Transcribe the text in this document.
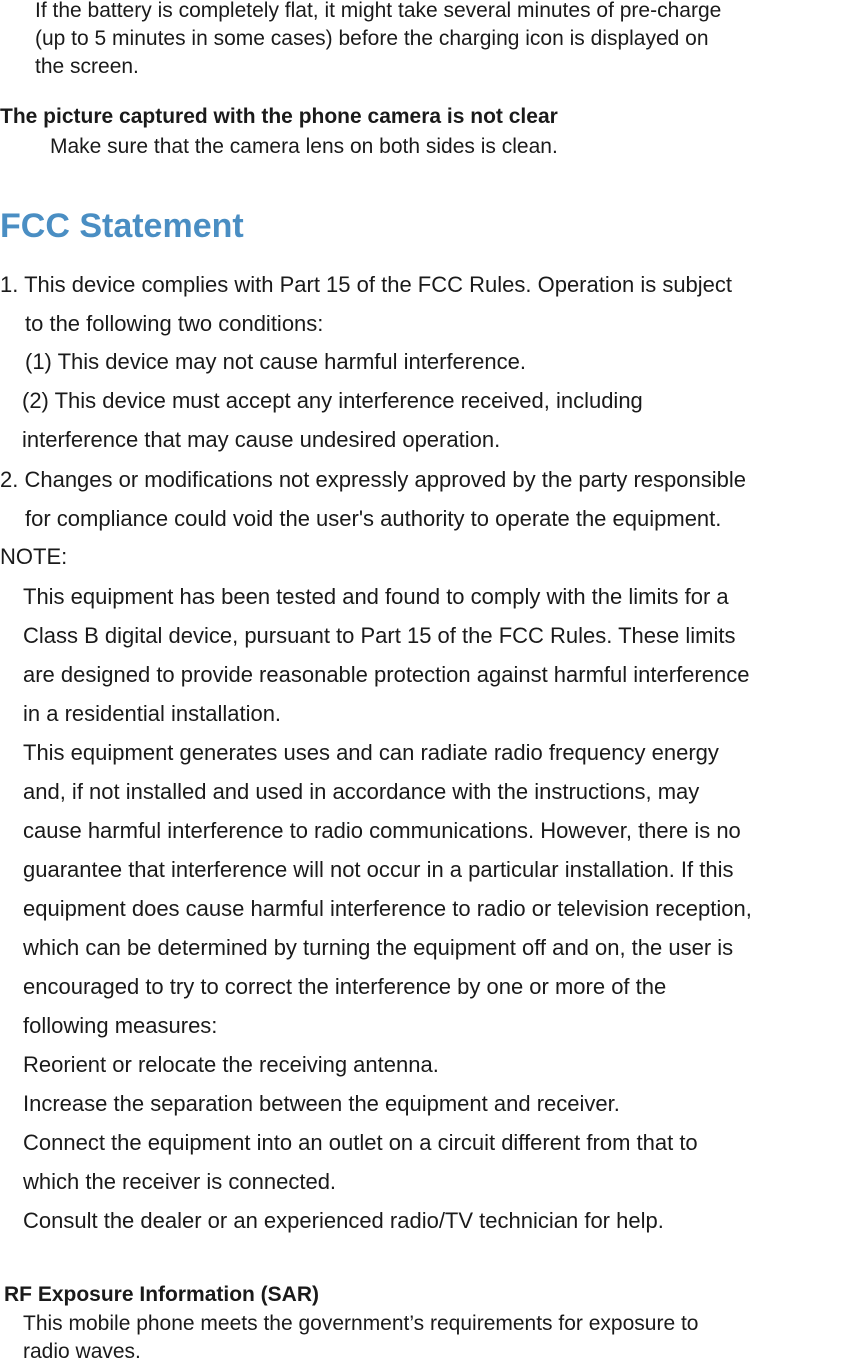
If the battery is completely flat, it might take several minutes of pre-charge

(up to 5 minutes in some cases) before the charging icon is displayed on

the screen.

The picture captured with the phone camera is not clear

Make sure that the camera lens on both sides is clean.

FCC Statement

1. This device complies with Part 15 of the FCC Rules. Operation is subject

to the following two conditions:

(1) This device may not cause harmful interference.

(2) This device must accept any interference received, including

interference that may cause undesired operation.

2. Changes or modifications not expressly approved by the party responsible

for compliance could void the user's authority to operate the equipment.

NOTE:

This equipment has been tested and found to comply with the limits for a

Class B digital device, pursuant to Part 15 of the FCC Rules. These limits

are designed to provide reasonable protection against harmful interference

in a residential installation.

This equipment generates uses and can radiate radio frequency energy

and, if not installed and used in accordance with the instructions, may

cause harmful interference to radio communications. However, there is no

guarantee that interference will not occur in a particular installation. If this

equipment does cause harmful interference to radio or television reception,

which can be determined by turning the equipment off and on, the user is

encouraged to try to correct the interference by one or more of the

following measures:

Reorient or relocate the receiving antenna.

Increase the separation between the equipment and receiver.

Connect the equipment into an outlet on a circuit different from that to

which the receiver is connected.

Consult the dealer or an experienced radio/TV technician for help.

RF Exposure Information (SAR)

This mobile phone meets the government’s requirements for exposure to

radio waves.
